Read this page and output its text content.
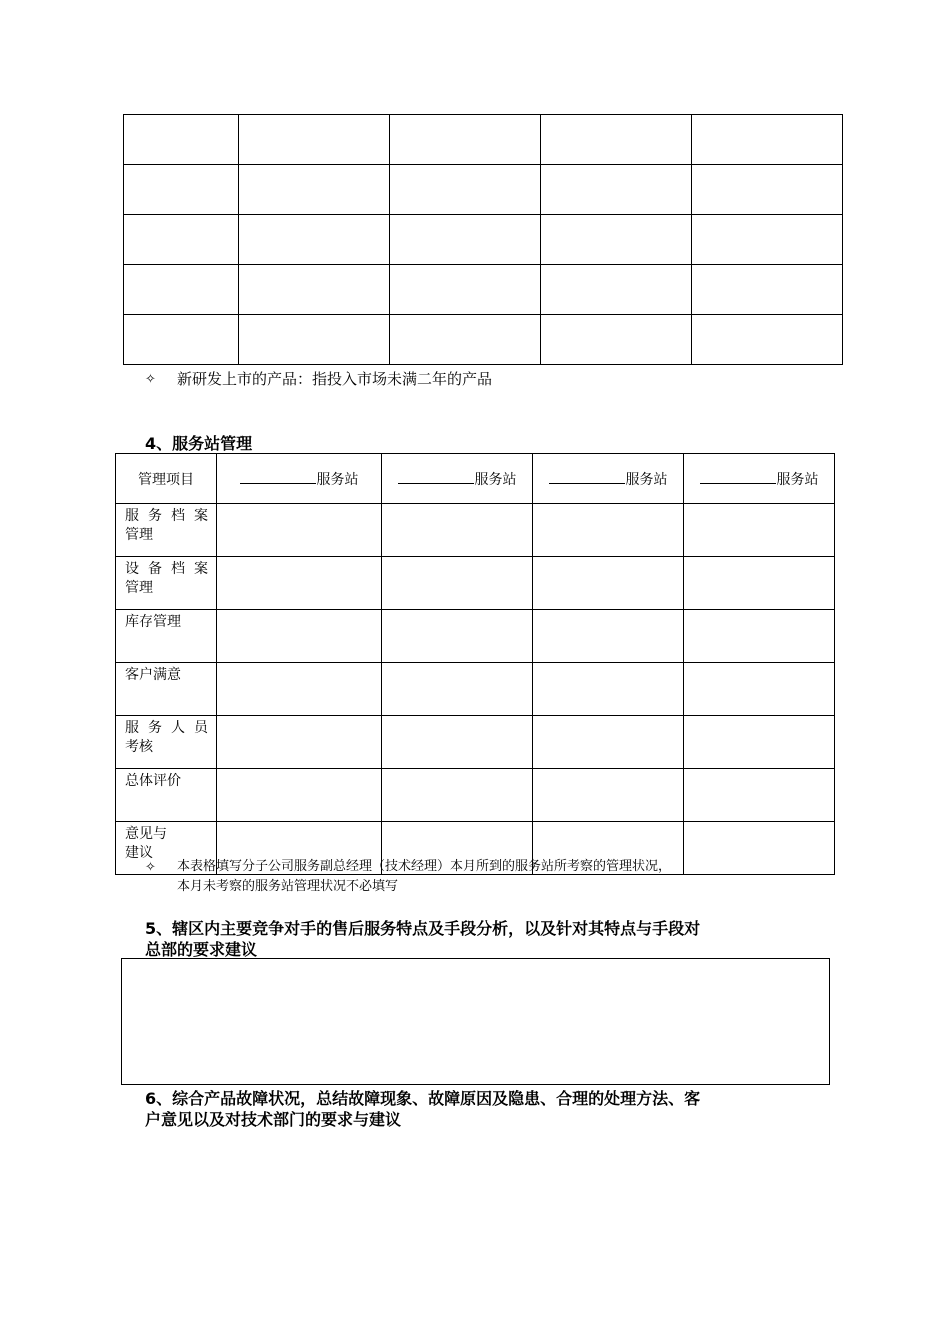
✧ 新研发上市的产品：指投入市场未满二年的产品
4、服务站管理
管理项目	服务站	服务站	服务站	服务站

服务档案
管理				

设备档案
管理				

库存管理				

客户满意				

服务人员
考核				

总体评价				

意见与
建议				

✧ 本表格填写分子公司服务副总经理（技术经理）本月所到的服务站所考察的管理状况，
本月未考察的服务站管理状况不必填写
5、辖区内主要竞争对手的售后服务特点及手段分析，以及针对其特点与手段对
总部的要求建议
6、综合产品故障状况，总结故障现象、故障原因及隐患、合理的处理方法、客
户意见以及对技术部门的要求与建议
